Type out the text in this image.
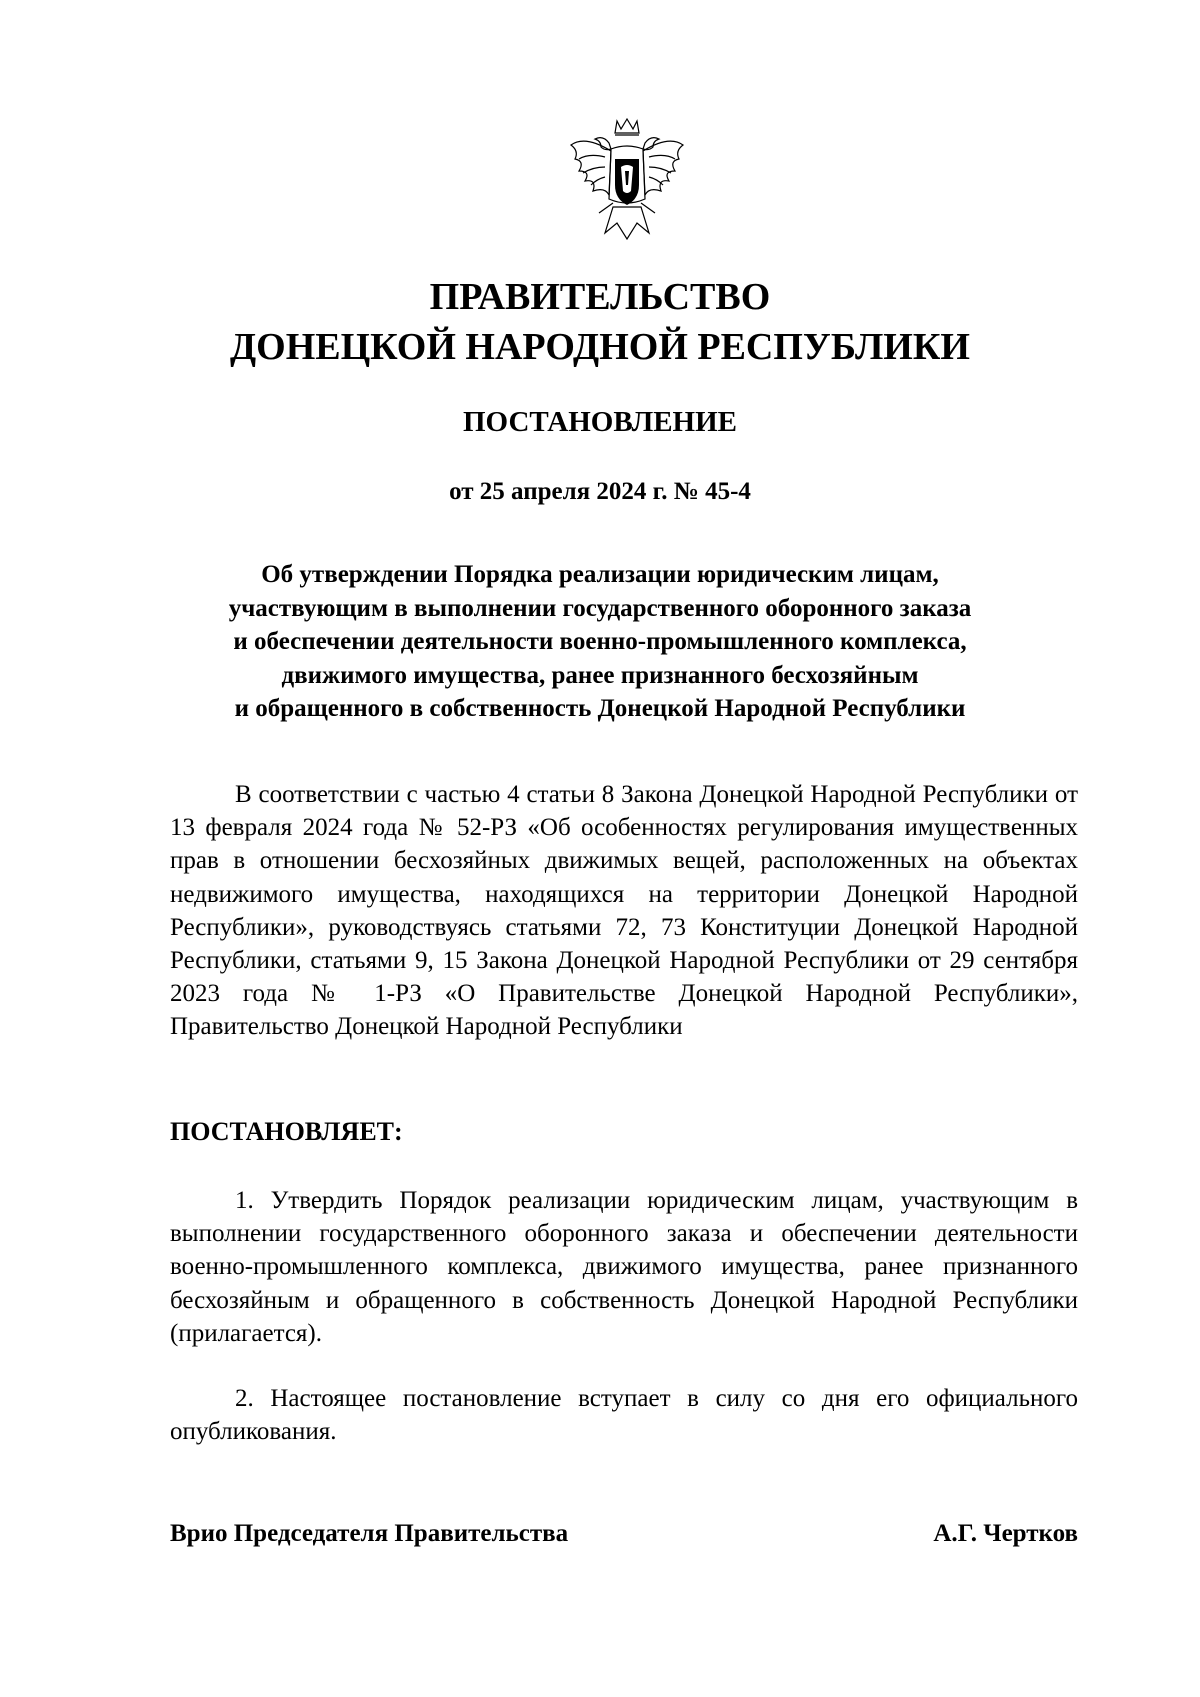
ПРАВИТЕЛЬСТВО
ДОНЕЦКОЙ НАРОДНОЙ РЕСПУБЛИКИ
ПОСТАНОВЛЕНИЕ
от 25 апреля 2024 г. № 45-4
Об утверждении Порядка реализации юридическим лицам,
участвующим в выполнении государственного оборонного заказа
и обеспечении деятельности военно-промышленного комплекса,
движимого имущества, ранее признанного бесхозяйным
и обращенного в собственность Донецкой Народной Республики

В соответствии с частью 4 статьи 8 Закона Донецкой Народной Республики от 13 февраля 2024 года № 52-РЗ «Об особенностях регулирования имущественных прав в отношении бесхозяйных движимых вещей, расположенных на объектах недвижимого имущества, находящихся на территории Донецкой Народной Республики», руководствуясь статьями 72, 73 Конституции Донецкой Народной Республики, статьями 9, 15 Закона Донецкой Народной Республики от 29 сентября 2023 года № 1-РЗ «О Правительстве Донецкой Народной Республики», Правительство Донецкой Народной Республики

ПОСТАНОВЛЯЕТ:

1. Утвердить Порядок реализации юридическим лицам, участвующим в выполнении государственного оборонного заказа и обеспечении деятельности военно-промышленного комплекса, движимого имущества, ранее признанного бесхозяйным и обращенного в собственность Донецкой Народной Республики (прилагается).

2. Настоящее постановление вступает в силу со дня его официального опубликования.

Врио Председателя Правительства	А.Г. Чертков
